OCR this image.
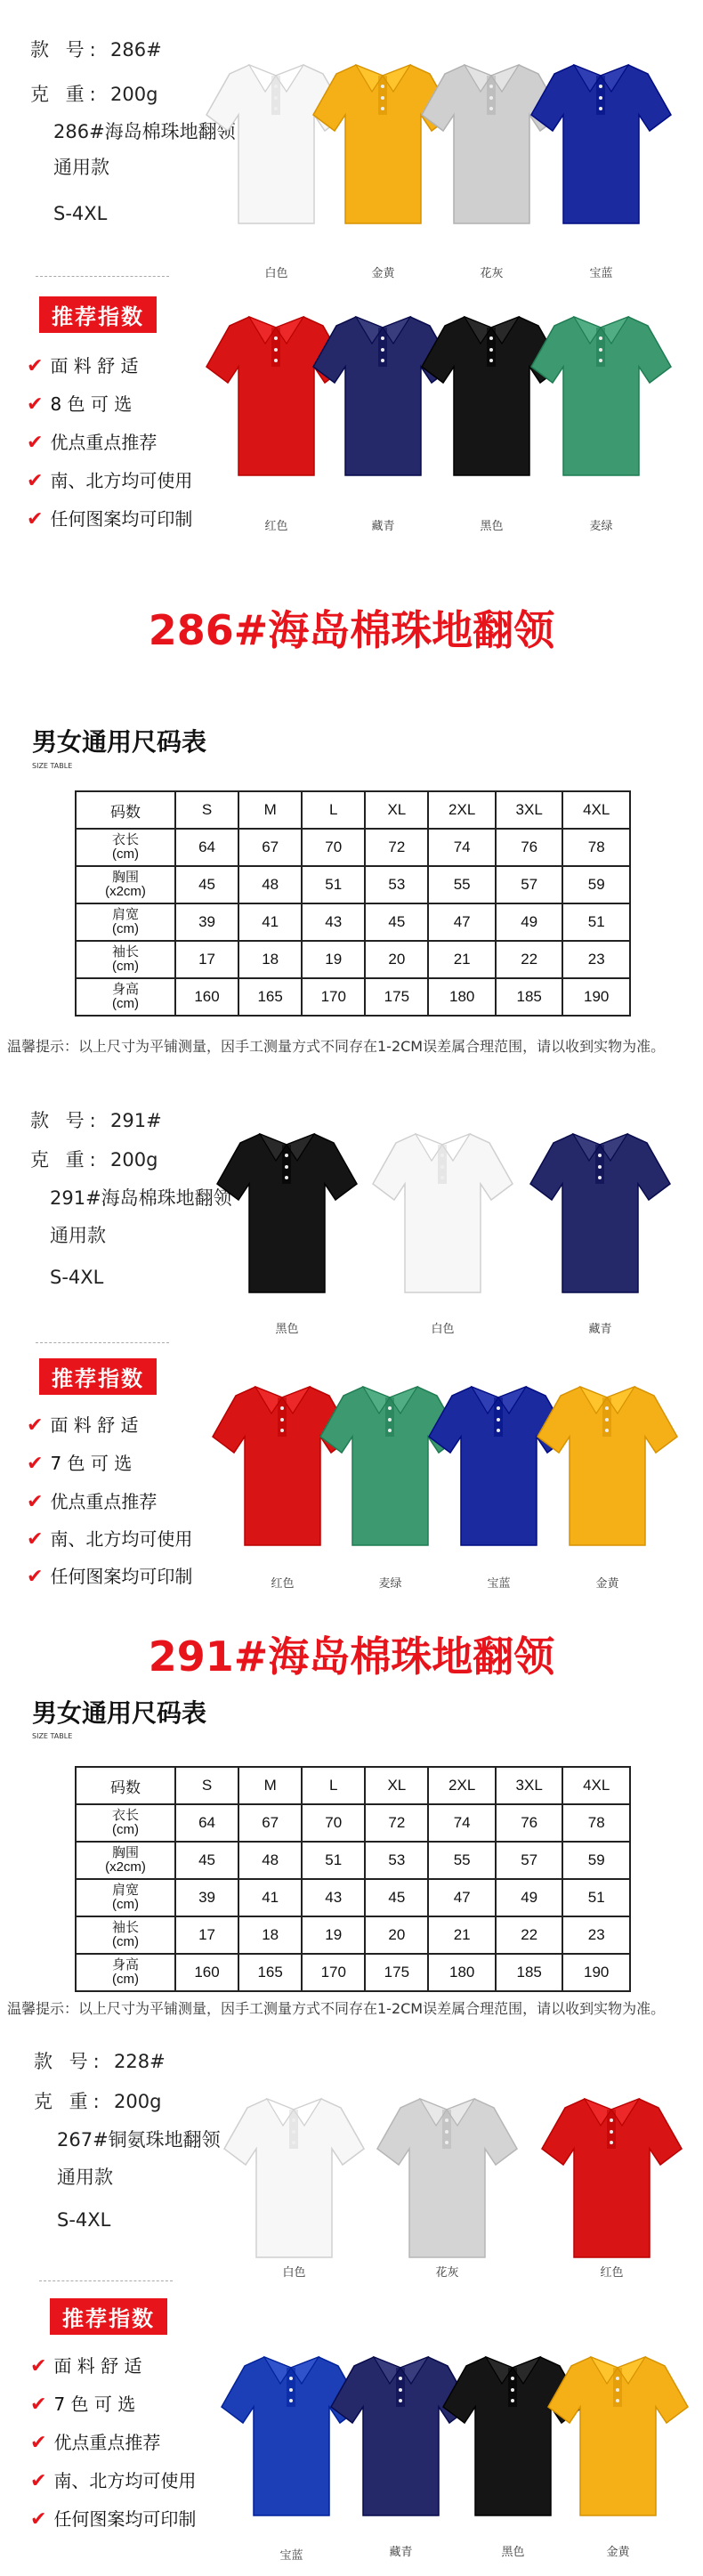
款 号: 286#
克 重: 200g
286#海岛棉珠地翻领
通用款
S-4XL
推荐指数
✔ 面 料 舒 适
✔ 8 色 可 选
✔ 优点重点推荐
✔ 南、北方均可使用
✔ 任何图案均可印制
白色	金黄	花灰	宝蓝
红色	藏青	黑色	麦绿
286#海岛棉珠地翻领
男女通用尺码表
SIZE TABLE
码数	S	M	L	XL	2XL	3XL	4XL
衣长
(cm)	64	67	70	72	74	76	78
胸围
(x2cm)	45	48	51	53	55	57	59
肩宽
(cm)	39	41	43	45	47	49	51
袖长
(cm)	17	18	19	20	21	22	23
身高
(cm)	160	165	170	175	180	185	190
温馨提示：以上尺寸为平铺测量，因手工测量方式不同存在1-2CM误差属合理范围，请以收到实物为准。
款 号: 291#
克 重: 200g
291#海岛棉珠地翻领
通用款
S-4XL
推荐指数
✔ 面 料 舒 适
✔ 7 色 可 选
✔ 优点重点推荐
✔ 南、北方均可使用
✔ 任何图案均可印制
黑色	白色	藏青
红色	麦绿	宝蓝	金黄
291#海岛棉珠地翻领
男女通用尺码表
SIZE TABLE
码数	S	M	L	XL	2XL	3XL	4XL
衣长
(cm)	64	67	70	72	74	76	78
胸围
(x2cm)	45	48	51	53	55	57	59
肩宽
(cm)	39	41	43	45	47	49	51
袖长
(cm)	17	18	19	20	21	22	23
身高
(cm)	160	165	170	175	180	185	190
温馨提示：以上尺寸为平铺测量，因手工测量方式不同存在1-2CM误差属合理范围，请以收到实物为准。
款 号: 228#
克 重: 200g
267#铜氨珠地翻领
通用款
S-4XL
推荐指数
✔ 面 料 舒 适
✔ 7 色 可 选
✔ 优点重点推荐
✔ 南、北方均可使用
✔ 任何图案均可印制
白色	花灰	红色
宝蓝	藏青	黑色	金黄
